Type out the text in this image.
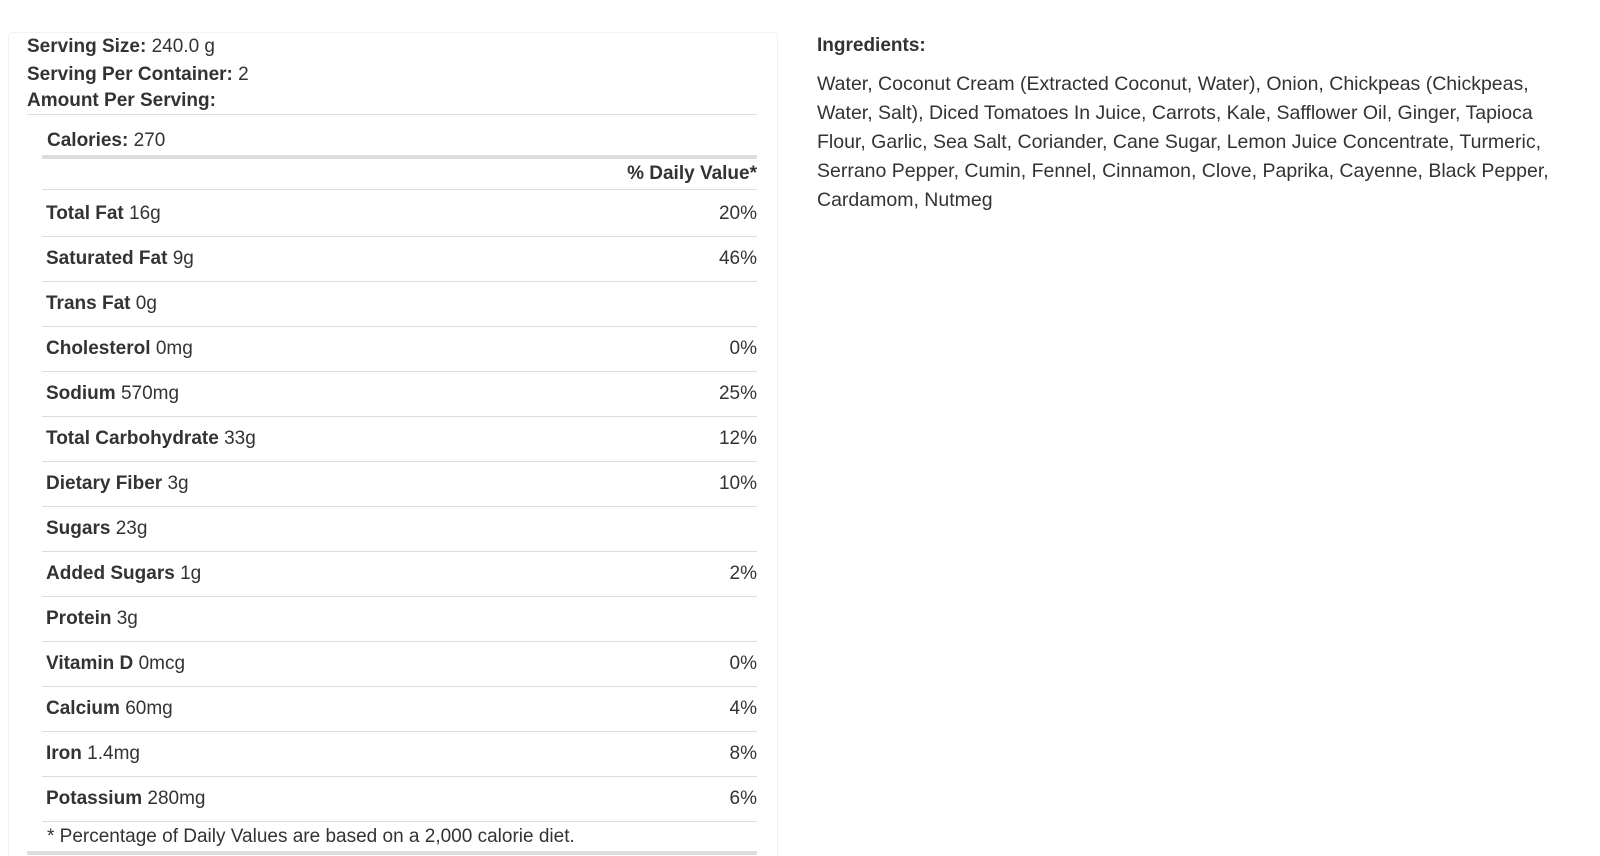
Serving Size: 240.0 g
Serving Per Container: 2
Amount Per Serving:
Calories: 270
% Daily Value*
Total Fat 16g	20%
Saturated Fat 9g	46%
Trans Fat 0g
Cholesterol 0mg	0%
Sodium 570mg	25%
Total Carbohydrate 33g	12%
Dietary Fiber 3g	10%
Sugars 23g
Added Sugars 1g	2%
Protein 3g
Vitamin D 0mcg	0%
Calcium 60mg	4%
Iron 1.4mg	8%
Potassium 280mg	6%
* Percentage of Daily Values are based on a 2,000 calorie diet.
Ingredients:
Water, Coconut Cream (Extracted Coconut, Water), Onion, Chickpeas (Chickpeas, Water, Salt), Diced Tomatoes In Juice, Carrots, Kale, Safflower Oil, Ginger, Tapioca Flour, Garlic, Sea Salt, Coriander, Cane Sugar, Lemon Juice Concentrate, Turmeric, Serrano Pepper, Cumin, Fennel, Cinnamon, Clove, Paprika, Cayenne, Black Pepper, Cardamom, Nutmeg
